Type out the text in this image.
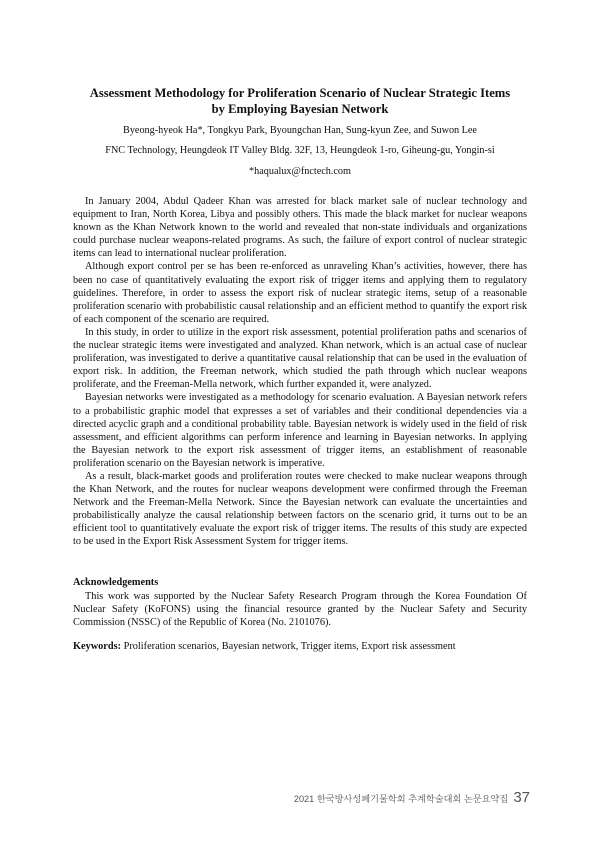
Assessment Methodology for Proliferation Scenario of Nuclear Strategic Items
by Employing Bayesian Network
Byeong-hyeok Ha*, Tongkyu Park, Byoungchan Han, Sung-kyun Zee, and Suwon Lee
FNC Technology, Heungdeok IT Valley Bldg. 32F, 13, Heungdeok 1-ro, Giheung-gu, Yongin-si
*haqualux@fnctech.com

In January 2004, Abdul Qadeer Khan was arrested for black market sale of nuclear technology and equipment to Iran, North Korea, Libya and possibly others. This made the black market for nuclear weapons known as the Khan Network known to the world and revealed that non-state individuals and organizations could purchase nuclear weapons-related programs. As such, the failure of export control of nuclear strategic items can lead to international nuclear proliferation.

Although export control per se has been re-enforced as unraveling Khan’s activities, however, there has been no case of quantitatively evaluating the export risk of trigger items and applying them to regulatory guidelines. Therefore, in order to assess the export risk of nuclear strategic items, setup of a reasonable proliferation scenario with probabilistic causal relationship and an efficient method to quantify the export risk of each component of the scenario are required.

In this study, in order to utilize in the export risk assessment, potential proliferation paths and scenarios of the nuclear strategic items were investigated and analyzed. Khan network, which is an actual case of nuclear proliferation, was investigated to derive a quantitative causal relationship that can be used in the evaluation of export risk. In addition, the Freeman network, which studied the path through which nuclear weapons proliferate, and the Freeman-Mella network, which further expanded it, were analyzed.

Bayesian networks were investigated as a methodology for scenario evaluation. A Bayesian network refers to a probabilistic graphic model that expresses a set of variables and their conditional dependencies via a directed acyclic graph and a conditional probability table. Bayesian network is widely used in the field of risk assessment, and efficient algorithms can perform inference and learning in Bayesian networks. In applying the Bayesian network to the export risk assessment of trigger items, an establishment of reasonable proliferation scenario on the Bayesian network is imperative.

As a result, black-market goods and proliferation routes were checked to make nuclear weapons through the Khan Network, and the routes for nuclear weapons development were confirmed through the Freeman Network and the Freeman-Mella Network. Since the Bayesian network can evaluate the uncertainties and probabilistically analyze the causal relationship between factors on the scenario grid, it turns out to be an efficient tool to quantitatively evaluate the export risk of trigger items. The results of this study are expected to be used in the Export Risk Assessment System for trigger items.

Acknowledgements

This work was supported by the Nuclear Safety Research Program through the Korea Foundation Of Nuclear Safety (KoFONS) using the financial resource granted by the Nuclear Safety and Security Commission (NSSC) of the Republic of Korea (No. 2101076).

Keywords: Proliferation scenarios, Bayesian network, Trigger items, Export risk assessment
2021 한국방사성폐기물학회 추계학술대회 논문요약집 37
